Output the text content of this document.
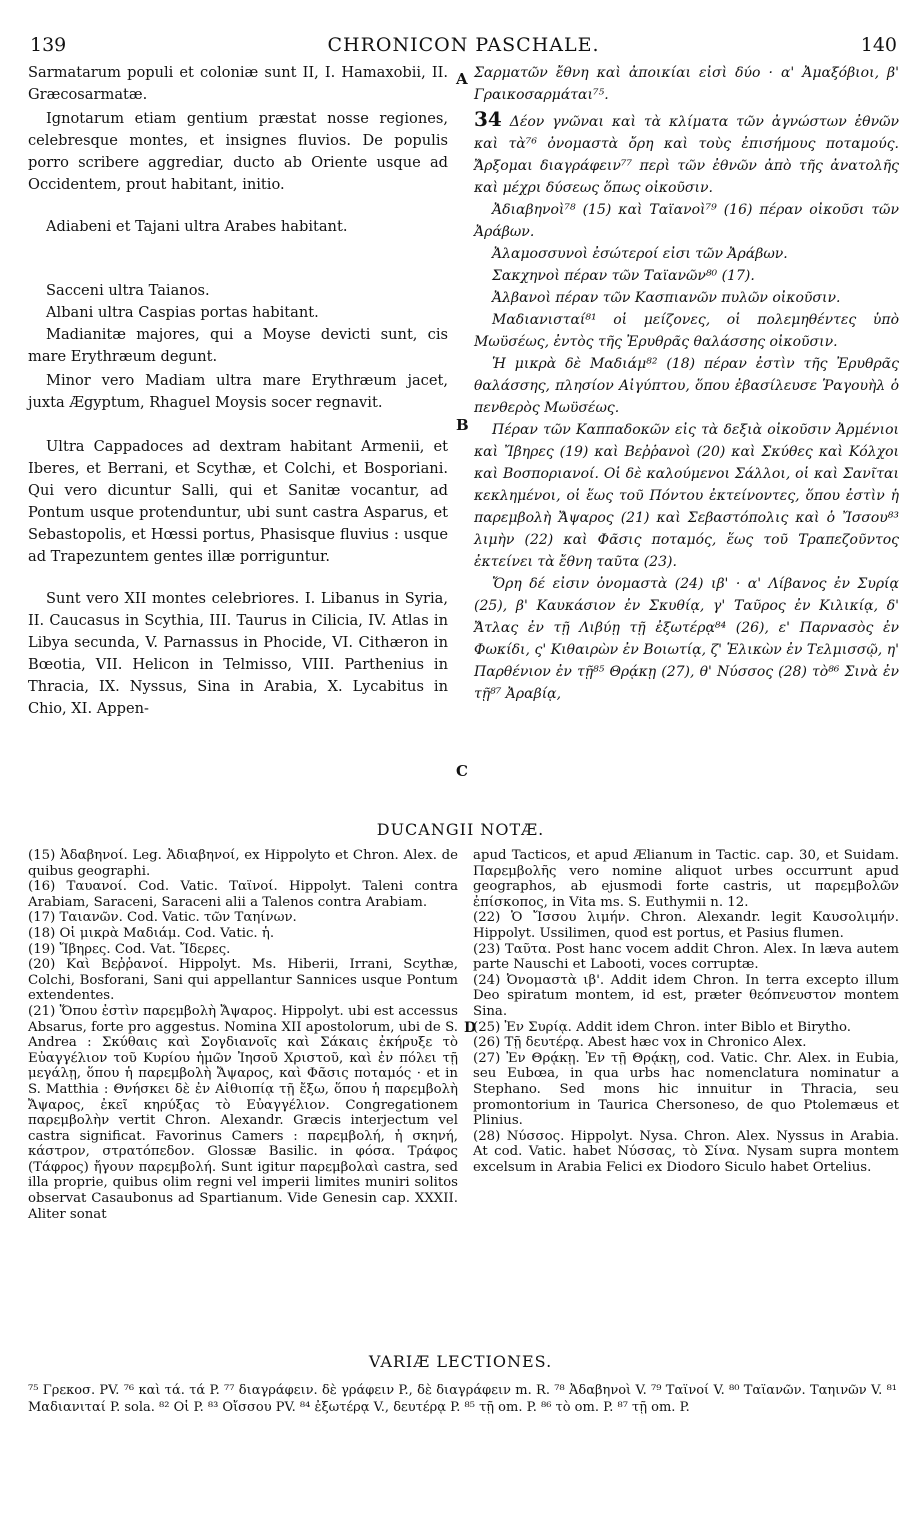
139	CHRONICON PASCHALE.	140

Sarmatarum populi et coloniæ sunt II, I. Hamaxobii, II. Græcosarmatæ.

Ignotarum etiam gentium præstat nosse regiones, celebresque montes, et insignes fluvios. De populis porro scribere aggrediar, ducto ab Oriente usque ad Occidentem, prout habitant, initio.

Adiabeni et Tajani ultra Arabes habitant.

Sacceni ultra Taianos.

Albani ultra Caspias portas habitant.

Madianitæ majores, qui a Moyse devicti sunt, cis mare Erythræum degunt.

Minor vero Madiam ultra mare Erythræum jacet, juxta Ægyptum, Rhaguel Moysis socer regnavit.

Ultra Cappadoces ad dextram habitant Armenii, et Iberes, et Berrani, et Scythæ, et Colchi, et Bosporiani. Qui vero dicuntur Salli, qui et Sanitæ vocantur, ad Pontum usque protenduntur, ubi sunt castra Asparus, et Sebastopolis, et Hœssi portus, Phasisque fluvius : usque ad Trapezuntem gentes illæ porriguntur.

Sunt vero XII montes celebriores. I. Libanus in Syria, II. Caucasus in Scythia, III. Taurus in Cilicia, IV. Atlas in Libya secunda, V. Parnassus in Phocide, VI. Cithæron in Bœotia, VII. Helicon in Telmisso, VIII. Parthenius in Thracia, IX. Nyssus, Sina in Arabia, X. Lycabitus in Chio, XI. Appen-

A
B
C

Σαρματῶν ἔθνη καὶ ἀποικίαι εἰσὶ δύο · α' Ἀμαξόβιοι, β' Γραικοσαρμάται⁷⁵.

34 Δέον γνῶναι καὶ τὰ κλίματα τῶν ἀγνώστων ἐθνῶν καὶ τὰ⁷⁶ ὀνομαστὰ ὄρη καὶ τοὺς ἐπισήμους ποταμούς. Ἄρξομαι διαγράφειν⁷⁷ περὶ τῶν ἐθνῶν ἀπὸ τῆς ἀνατολῆς καὶ μέχρι δύσεως ὅπως οἰκοῦσιν.

Ἀδιαβηνοὶ⁷⁸ (15) καὶ Ταϊανοὶ⁷⁹ (16) πέραν οἰκοῦσι τῶν Ἀράβων.

Ἀλαμοσσυνοὶ ἐσώτεροί εἰσι τῶν Ἀράβων.

Σακχηνοὶ πέραν τῶν Ταϊανῶν⁸⁰ (17).

Ἀλβανοὶ πέραν τῶν Κασπιανῶν πυλῶν οἰκοῦσιν.

Μαδιανισταί⁸¹ οἱ μείζονες, οἱ πολεμηθέντες ὑπὸ Μωϋσέως, ἐντὸς τῆς Ἐρυθρᾶς θαλάσσης οἰκοῦσιν.

Ἡ μικρὰ δὲ Μαδιάμ⁸² (18) πέραν ἐστὶν τῆς Ἐρυθρᾶς θαλάσσης, πλησίον Αἰγύπτου, ὅπου ἐβασίλευσε Ῥαγουὴλ ὁ πενθερὸς Μωϋσέως.

Πέραν τῶν Καππαδοκῶν εἰς τὰ δεξιὰ οἰκοῦσιν Ἀρμένιοι καὶ Ἴβηρες (19) καὶ Βεῤῥανοὶ (20) καὶ Σκύθες καὶ Κόλχοι καὶ Βοσποριανοί. Οἱ δὲ καλούμενοι Σάλλοι, οἱ καὶ Σανῖται κεκλημένοι, οἱ ἕως τοῦ Πόντου ἐκτείνοντες, ὅπου ἐστὶν ἡ παρεμβολὴ Ἄψαρος (21) καὶ Σεβαστόπολις καὶ ὁ Ἴσσου⁸³ λιμὴν (22) καὶ Φᾶσις ποταμός, ἕως τοῦ Τραπεζοῦντος ἐκτείνει τὰ ἔθνη ταῦτα (23).

Ὄρη δέ εἰσιν ὀνομαστὰ (24) ιβ' · α' Λίβανος ἐν Συρίᾳ (25), β' Καυκάσιον ἐν Σκυθίᾳ, γ' Ταῦρος ἐν Κιλικίᾳ, δ' Ἄτλας ἐν τῇ Λιβύῃ τῇ ἐξωτέρᾳ⁸⁴ (26), ε' Παρνασὸς ἐν Φωκίδι, ς' Κιθαιρὼν ἐν Βοιωτίᾳ, ζ' Ἑλικὼν ἐν Τελμισσῷ, η' Παρθένιον ἐν τῇ⁸⁵ Θρᾴκῃ (27), θ' Νύσσος (28) τὸ⁸⁶ Σινὰ ἐν τῇ⁸⁷ Ἀραβίᾳ,

DUCANGII NOTÆ.

(15) Ἀδαβηνοί. Leg. Ἀδιαβηνοί, ex Hippolyto et Chron. Alex. de quibus geographi.

(16) Ταυανοί. Cod. Vatic. Ταϊνοί. Hippolyt. Taleni contra Arabiam, Saraceni, Saraceni alii a Talenos contra Arabiam.

(17) Ταιανῶν. Cod. Vatic. τῶν Ταηίνων.

(18) Οἱ μικρὰ Μαδιάμ. Cod. Vatic. ἡ.

(19) Ἴβηρες. Cod. Vat. Ἴδερες.

(20) Καὶ Βεῤῥανοί. Hippolyt. Ms. Hiberii, Irrani, Scythæ, Colchi, Bosforani, Sani qui appellantur Sannices usque Pontum extendentes.

(21) Ὅπου ἐστὶν παρεμβολὴ Ἄψαρος. Hippolyt. ubi est accessus Absarus, forte pro aggestus. Nomina XII apostolorum, ubi de S. Andrea : Σκύθαις καὶ Σογδιανοῖς καὶ Σάκαις ἐκήρυξε τὸ Εὐαγγέλιον τοῦ Κυρίου ἡμῶν Ἰησοῦ Χριστοῦ, καὶ ἐν πόλει τῇ μεγάλῃ, ὅπου ἡ παρεμβολὴ Ἄψαρος, καὶ Φᾶσις ποταμός · et in S. Matthia : Θνήσκει δὲ ἐν Αἰθιοπίᾳ τῇ ἔξω, ὅπου ἡ παρεμβολὴ Ἄψαρος, ἐκεῖ κηρύξας τὸ Εὐαγγέλιον. Congregationem παρεμβολὴν vertit Chron. Alexandr. Græcis interjectum vel castra significat. Favorinus Camers : παρεμβολή, ἡ σκηνή, κάστρον, στρατόπεδον. Glossæ Basilic. in φόσα. Τράφος (Τάφρος) ἤγουν παρεμβολή. Sunt igitur παρεμβολαὶ castra, sed illa proprie, quibus olim regni vel imperii limites muniri solitos observat Casaubonus ad Spartianum. Vide Genesin cap. XXXII. Aliter sonat

D

apud Tacticos, et apud Ælianum in Tactic. cap. 30, et Suidam. Παρεμβολῆς vero nomine aliquot urbes occurrunt apud geographos, ab ejusmodi forte castris, ut παρεμβολῶν ἐπίσκοπος, in Vita ms. S. Euthymii n. 12.

(22) Ὁ Ἴσσου λιμήν. Chron. Alexandr. legit Καυσολιμήν. Hippolyt. Ussilimen, quod est portus, et Pasius flumen.

(23) Ταῦτα. Post hanc vocem addit Chron. Alex. In læva autem parte Nauschi et Labooti, voces corruptæ.

(24) Ὀνομαστὰ ιβ'. Addit idem Chron. In terra excepto illum Deo spiratum montem, id est, præter θεόπνευστον montem Sina.

(25) Ἐν Συρίᾳ. Addit idem Chron. inter Biblo et Birytho.

(26) Τῇ δευτέρᾳ. Abest hæc vox in Chronico Alex.

(27) Ἐν Θρᾴκῃ. Ἐν τῇ Θρᾴκῃ, cod. Vatic. Chr. Alex. in Eubia, seu Eubœa, in qua urbs hac nomenclatura nominatur a Stephano. Sed mons hic innuitur in Thracia, seu promontorium in Taurica Chersoneso, de quo Ptolemæus et Plinius.

(28) Νύσσος. Hippolyt. Nysa. Chron. Alex. Nyssus in Arabia. At cod. Vatic. habet Νύσσας, τὸ Σίνα. Nysam supra montem excelsum in Arabia Felici ex Diodoro Siculo habet Ortelius.

VARIÆ LECTIONES.

⁷⁵ Γρεκοσ. PV. ⁷⁶ καὶ τά. τά P. ⁷⁷ διαγράφειν. δὲ γράφειν P., δὲ διαγράφειν m. R. ⁷⁸ Ἀδαβηνοὶ V. ⁷⁹ Ταϊνοί V. ⁸⁰ Ταϊανῶν. Ταηινῶν V. ⁸¹ Μαδιανιταί P. sola. ⁸² Οἱ P. ⁸³ Οἴσσου PV. ⁸⁴ ἐξωτέρᾳ V., δευτέρᾳ P. ⁸⁵ τῇ om. P. ⁸⁶ τὸ om. P. ⁸⁷ τῇ om. P.
